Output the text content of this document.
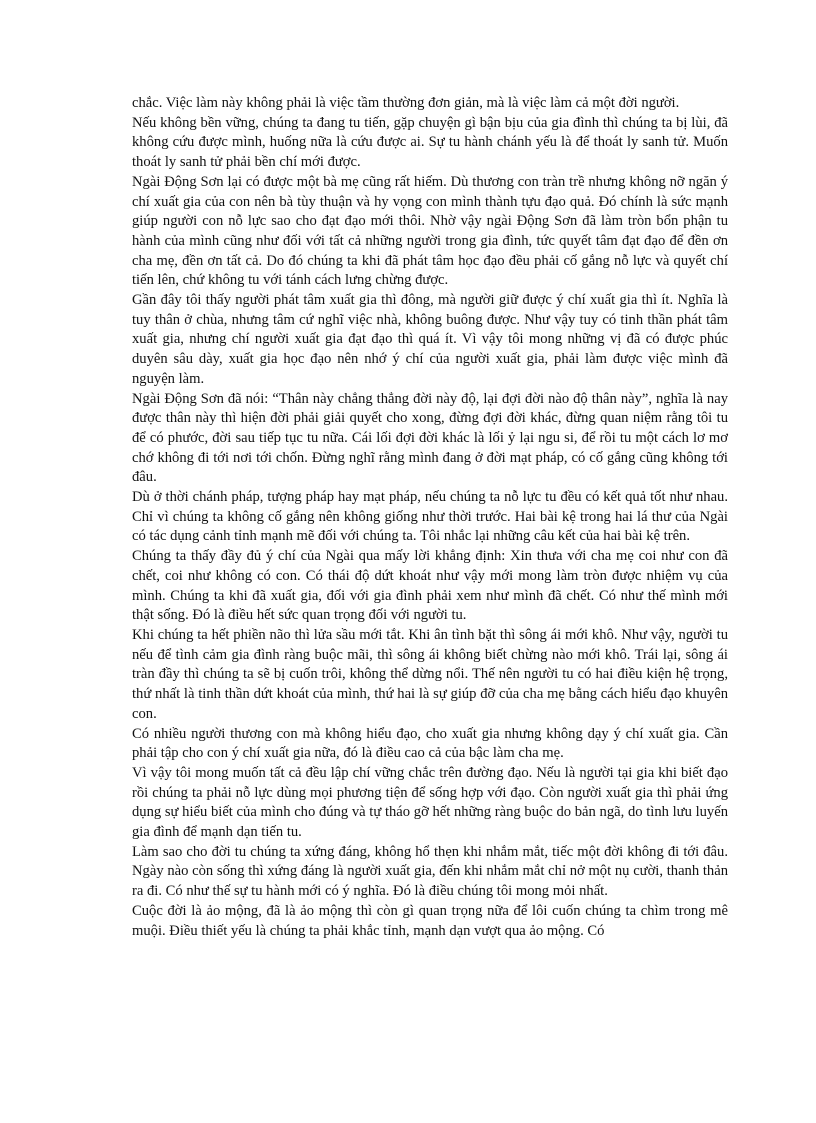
chắc. Việc làm này không phải là việc tầm thường đơn giản, mà là việc làm cả một đời người.

Nếu không bền vững, chúng ta đang tu tiến, gặp chuyện gì bận bịu của gia đình thì chúng ta bị lùi, đã không cứu được mình, huống nữa là cứu được ai. Sự tu hành chánh yếu là để thoát ly sanh tử. Muốn thoát ly sanh tử phải bền chí mới được.

Ngài Động Sơn lại có được một bà mẹ cũng rất hiếm. Dù thương con tràn trề nhưng không nỡ ngăn ý chí xuất gia của con nên bà tùy thuận và hy vọng con mình thành tựu đạo quả. Đó chính là sức mạnh giúp người con nỗ lực sao cho đạt đạo mới thôi. Nhờ vậy ngài Động Sơn đã làm tròn bổn phận tu hành của mình cũng như đối với tất cả những người trong gia đình, tức quyết tâm đạt đạo để đền ơn cha mẹ, đền ơn tất cả. Do đó chúng ta khi đã phát tâm học đạo đều phải cố gắng nỗ lực và quyết chí tiến lên, chứ không tu với tánh cách lưng chừng được.

Gần đây tôi thấy người phát tâm xuất gia thì đông, mà người giữ được ý chí xuất gia thì ít. Nghĩa là tuy thân ở chùa, nhưng tâm cứ nghĩ việc nhà, không buông được. Như vậy tuy có tinh thần phát tâm xuất gia, nhưng chí người xuất gia đạt đạo thì quá ít. Vì vậy tôi mong những vị đã có được phúc duyên sâu dày, xuất gia học đạo nên nhớ ý chí của người xuất gia, phải làm được việc mình đã nguyện làm.

Ngài Động Sơn đã nói: “Thân này chẳng thẳng đời này độ, lại đợi đời nào độ thân này”, nghĩa là nay được thân này thì hiện đời phải giải quyết cho xong, đừng đợi đời khác, đừng quan niệm rằng tôi tu để có phước, đời sau tiếp tục tu nữa. Cái lối đợi đời khác là lối ỷ lại ngu si, để rồi tu một cách lơ mơ chớ không đi tới nơi tới chốn. Đừng nghĩ rằng mình đang ở đời mạt pháp, có cố gắng cũng không tới đâu.

Dù ở thời chánh pháp, tượng pháp hay mạt pháp, nếu chúng ta nỗ lực tu đều có kết quả tốt như nhau. Chỉ vì chúng ta không cố gắng nên không giống như thời trước. Hai bài kệ trong hai lá thư của Ngài có tác dụng cảnh tỉnh mạnh mẽ đối với chúng ta. Tôi nhắc lại những câu kết của hai bài kệ trên.

Chúng ta thấy đầy đủ ý chí của Ngài qua mấy lời khẳng định: Xin thưa với cha mẹ coi như con đã chết, coi như không có con. Có thái độ dứt khoát như vậy mới mong làm tròn được nhiệm vụ của mình. Chúng ta khi đã xuất gia, đối với gia đình phải xem như mình đã chết. Có như thế mình mới thật sống. Đó là điều hết sức quan trọng đối với người tu.

Khi chúng ta hết phiền não thì lửa sầu mới tắt. Khi ân tình bặt thì sông ái mới khô. Như vậy, người tu nếu để tình cảm gia đình ràng buộc mãi, thì sông ái không biết chừng nào mới khô. Trái lại, sông ái tràn đầy thì chúng ta sẽ bị cuốn trôi, không thể dừng nổi. Thế nên người tu có hai điều kiện hệ trọng, thứ nhất là tinh thần dứt khoát của mình, thứ hai là sự giúp đỡ của cha mẹ bằng cách hiểu đạo khuyên con.

Có nhiều người thương con mà không hiểu đạo, cho xuất gia nhưng không dạy ý chí xuất gia. Cần phải tập cho con ý chí xuất gia nữa, đó là điều cao cả của bậc làm cha mẹ.

Vì vậy tôi mong muốn tất cả đều lập chí vững chắc trên đường đạo. Nếu là người tại gia khi biết đạo rồi chúng ta phải nỗ lực dùng mọi phương tiện để sống hợp với đạo. Còn người xuất gia thì phải ứng dụng sự hiểu biết của mình cho đúng và tự tháo gỡ hết những ràng buộc do bản ngã, do tình lưu luyến gia đình để mạnh dạn tiến tu.

Làm sao cho đời tu chúng ta xứng đáng, không hổ thẹn khi nhắm mắt, tiếc một đời không đi tới đâu. Ngày nào còn sống thì xứng đáng là người xuất gia, đến khi nhắm mắt chỉ nở một nụ cười, thanh thản ra đi. Có như thế sự tu hành mới có ý nghĩa. Đó là điều chúng tôi mong mỏi nhất.

Cuộc đời là ảo mộng, đã là ảo mộng thì còn gì quan trọng nữa để lôi cuốn chúng ta chìm trong mê muội. Điều thiết yếu là chúng ta phải khắc tỉnh, mạnh dạn vượt qua ảo mộng. Có
